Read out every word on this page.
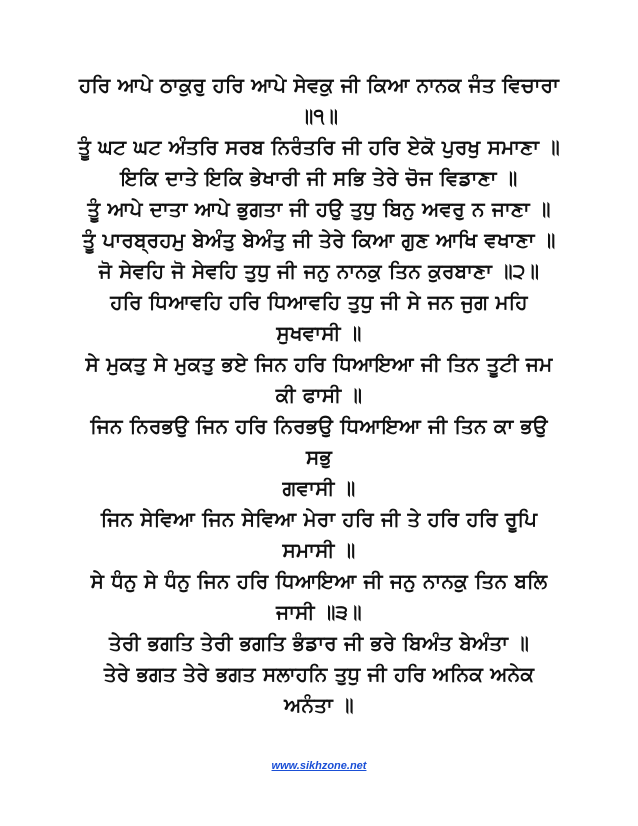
ਹਰਿ ਆਪੇ ਠਾਕੁਰੁ ਹਰਿ ਆਪੇ ਸੇਵਕੁ ਜੀ ਕਿਆ ਨਾਨਕ ਜੰਤ ਵਿਚਾਰਾ
॥੧॥
ਤੂੰ ਘਟ ਘਟ ਅੰਤਰਿ ਸਰਬ ਨਿਰੰਤਰਿ ਜੀ ਹਰਿ ਏਕੋ ਪੁਰਖੁ ਸਮਾਣਾ ॥
ਇਕਿ ਦਾਤੇ ਇਕਿ ਭੇਖਾਰੀ ਜੀ ਸਭਿ ਤੇਰੇ ਚੋਜ ਵਿਡਾਣਾ ॥
ਤੂੰ ਆਪੇ ਦਾਤਾ ਆਪੇ ਭੁਗਤਾ ਜੀ ਹਉ ਤੁਧੁ ਬਿਨੁ ਅਵਰੁ ਨ ਜਾਣਾ ॥
ਤੂੰ ਪਾਰਬ੍ਰਹਮੁ ਬੇਅੰਤੁ ਬੇਅੰਤੁ ਜੀ ਤੇਰੇ ਕਿਆ ਗੁਣ ਆਖਿ ਵਖਾਣਾ ॥
ਜੋ ਸੇਵਹਿ ਜੋ ਸੇਵਹਿ ਤੁਧੁ ਜੀ ਜਨੁ ਨਾਨਕੁ ਤਿਨ ਕੁਰਬਾਣਾ ॥੨॥
ਹਰਿ ਧਿਆਵਹਿ ਹਰਿ ਧਿਆਵਹਿ ਤੁਧੁ ਜੀ ਸੇ ਜਨ ਜੁਗ ਮਹਿ
ਸੁਖਵਾਸੀ ॥
ਸੇ ਮੁਕਤੁ ਸੇ ਮੁਕਤੁ ਭਏ ਜਿਨ ਹਰਿ ਧਿਆਇਆ ਜੀ ਤਿਨ ਤੂਟੀ ਜਮ
ਕੀ ਫਾਸੀ ॥
ਜਿਨ ਨਿਰਭਉ ਜਿਨ ਹਰਿ ਨਿਰਭਉ ਧਿਆਇਆ ਜੀ ਤਿਨ ਕਾ ਭਉ
ਸਭੁ
ਗਵਾਸੀ ॥
ਜਿਨ ਸੇਵਿਆ ਜਿਨ ਸੇਵਿਆ ਮੇਰਾ ਹਰਿ ਜੀ ਤੇ ਹਰਿ ਹਰਿ ਰੂਪਿ
ਸਮਾਸੀ ॥
ਸੇ ਧੰਨੁ ਸੇ ਧੰਨੁ ਜਿਨ ਹਰਿ ਧਿਆਇਆ ਜੀ ਜਨੁ ਨਾਨਕੁ ਤਿਨ ਬਲਿ
ਜਾਸੀ ॥੩॥
ਤੇਰੀ ਭਗਤਿ ਤੇਰੀ ਭਗਤਿ ਭੰਡਾਰ ਜੀ ਭਰੇ ਬਿਅੰਤ ਬੇਅੰਤਾ ॥
ਤੇਰੇ ਭਗਤ ਤੇਰੇ ਭਗਤ ਸਲਾਹਨਿ ਤੁਧੁ ਜੀ ਹਰਿ ਅਨਿਕ ਅਨੇਕ
ਅਨੰਤਾ ॥
www.sikhzone.net
